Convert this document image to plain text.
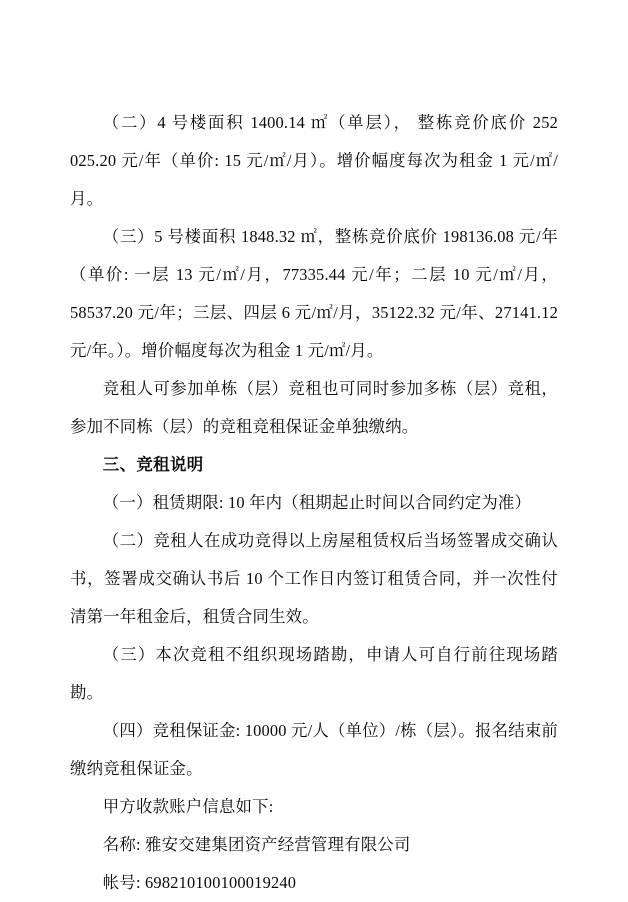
（二）4 号楼面积 1400.14 ㎡（单层）， 整栋竞价底价 252 025.20 元/年（单价: 15 元/㎡/月）。增价幅度每次为租金 1 元/㎡/月。

（三）5 号楼面积 1848.32 ㎡，整栋竞价底价 198136.08 元/年（单价: 一层 13 元/㎡/月，77335.44 元/年；二层 10 元/㎡/月，58537.20 元/年；三层、四层 6 元/㎡/月，35122.32 元/年、27141.12 元/年。）。增价幅度每次为租金 1 元/㎡/月。

竞租人可参加单栋（层）竞租也可同时参加多栋（层）竞租，参加不同栋（层）的竞租竞租保证金单独缴纳。

三、竞租说明

（一）租赁期限: 10 年内（租期起止时间以合同约定为准）

（二）竞租人在成功竞得以上房屋租赁权后当场签署成交确认书，签署成交确认书后 10 个工作日内签订租赁合同，并一次性付清第一年租金后，租赁合同生效。

（三）本次竞租不组织现场踏勘，申请人可自行前往现场踏勘。

（四）竞租保证金: 10000 元/人（单位）/栋（层）。报名结束前缴纳竞租保证金。

甲方收款账户信息如下:

名称: 雅安交建集团资产经营管理有限公司

帐号: 698210100100019240
